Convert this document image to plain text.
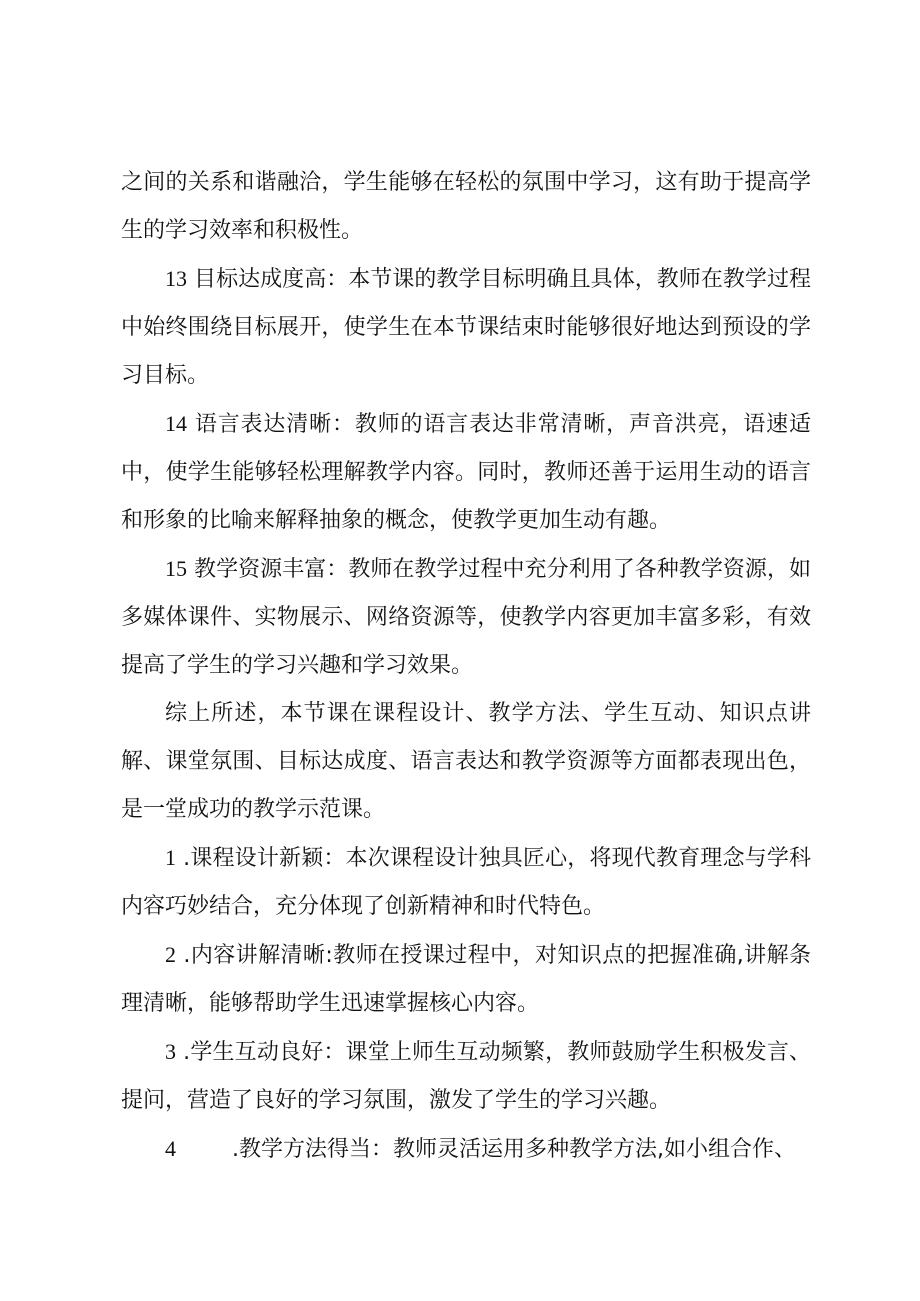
之间的关系和谐融洽，学生能够在轻松的氛围中学习，这有助于提高学生的学习效率和积极性。

13 目标达成度高：本节课的教学目标明确且具体，教师在教学过程中始终围绕目标展开，使学生在本节课结束时能够很好地达到预设的学习目标。

14 语言表达清晰：教师的语言表达非常清晰，声音洪亮，语速适中，使学生能够轻松理解教学内容。同时，教师还善于运用生动的语言和形象的比喻来解释抽象的概念，使教学更加生动有趣。

15 教学资源丰富：教师在教学过程中充分利用了各种教学资源，如多媒体课件、实物展示、网络资源等，使教学内容更加丰富多彩，有效提高了学生的学习兴趣和学习效果。

综上所述，本节课在课程设计、教学方法、学生互动、知识点讲解、课堂氛围、目标达成度、语言表达和教学资源等方面都表现出色，是一堂成功的教学示范课。

1 .课程设计新颖：本次课程设计独具匠心，将现代教育理念与学科内容巧妙结合，充分体现了创新精神和时代特色。

2 .内容讲解清晰:教师在授课过程中，对知识点的把握准确,讲解条理清晰，能够帮助学生迅速掌握核心内容。

3 .学生互动良好：课堂上师生互动频繁，教师鼓励学生积极发言、提问，营造了良好的学习氛围，激发了学生的学习兴趣。

4	.教学方法得当：教师灵活运用多种教学方法,如小组合作、
